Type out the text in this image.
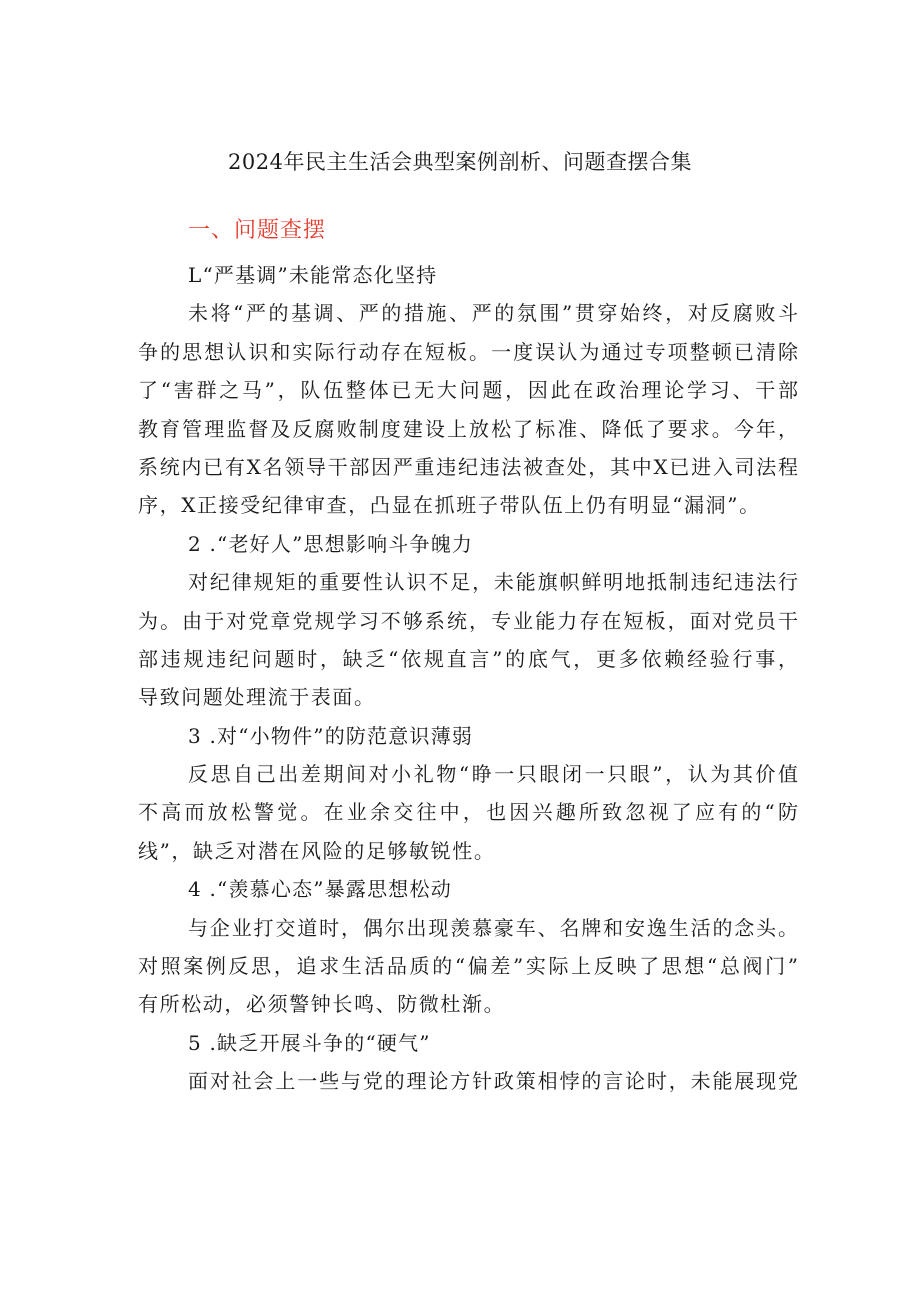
2024年民主生活会典型案例剖析、问题查摆合集
一、问题查摆
L“严基调”未能常态化坚持
未将“严的基调、严的措施、严的氛围”贯穿始终，对反腐败斗
争的思想认识和实际行动存在短板。一度误认为通过专项整顿已清除
了“害群之马”，队伍整体已无大问题，因此在政治理论学习、干部
教育管理监督及反腐败制度建设上放松了标准、降低了要求。今年，
系统内已有X名领导干部因严重违纪违法被查处，其中X已进入司法程
序，X正接受纪律审查，凸显在抓班子带队伍上仍有明显“漏洞”。
2 .“老好人”思想影响斗争魄力
对纪律规矩的重要性认识不足，未能旗帜鲜明地抵制违纪违法行
为。由于对党章党规学习不够系统，专业能力存在短板，面对党员干
部违规违纪问题时，缺乏“依规直言”的底气，更多依赖经验行事，
导致问题处理流于表面。
3 .对“小物件”的防范意识薄弱
反思自己出差期间对小礼物“睁一只眼闭一只眼”，认为其价值
不高而放松警觉。在业余交往中，也因兴趣所致忽视了应有的“防
线”，缺乏对潜在风险的足够敏锐性。
4 .“羡慕心态”暴露思想松动
与企业打交道时，偶尔出现羡慕豪车、名牌和安逸生活的念头。
对照案例反思，追求生活品质的“偏差”实际上反映了思想“总阀门”
有所松动，必须警钟长鸣、防微杜渐。
5 .缺乏开展斗争的“硬气”
面对社会上一些与党的理论方针政策相悖的言论时，未能展现党
